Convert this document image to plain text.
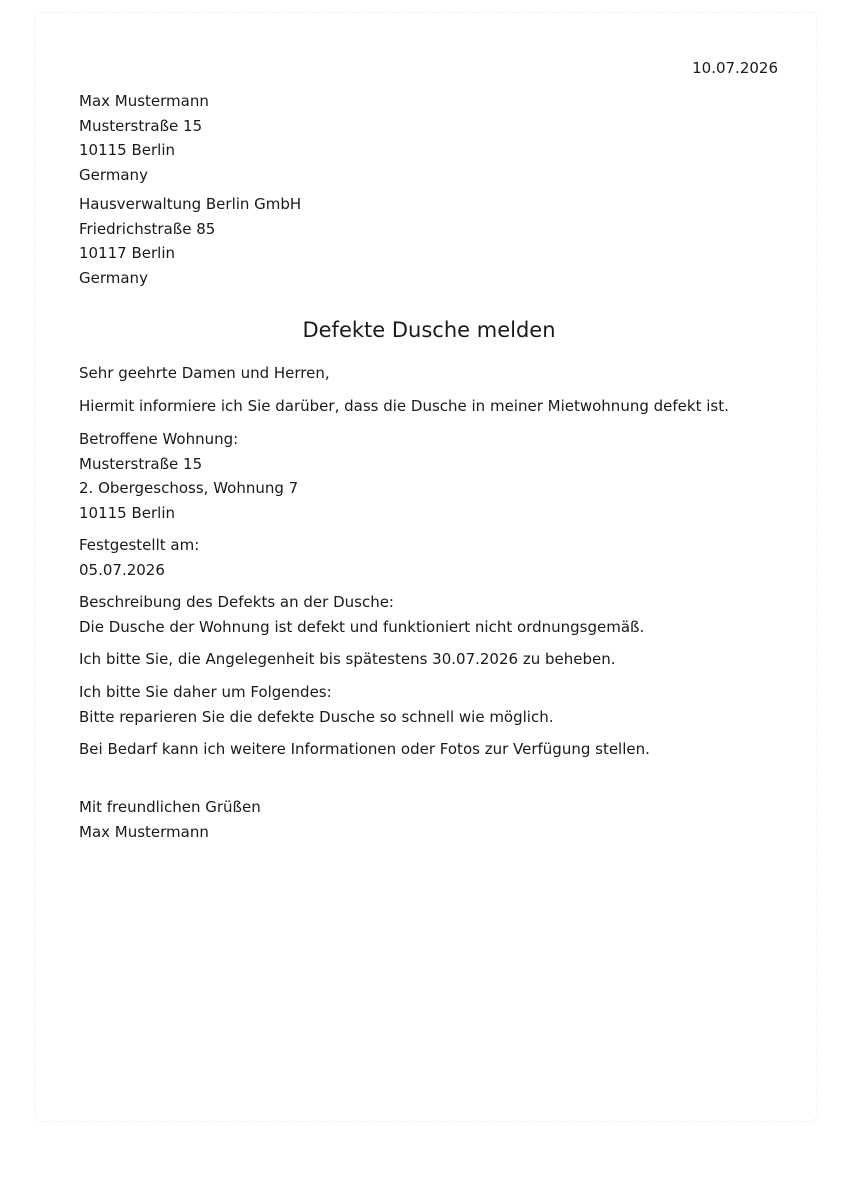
10.07.2026
Max Mustermann
Musterstraße 15
10115 Berlin
Germany
Hausverwaltung Berlin GmbH
Friedrichstraße 85
10117 Berlin
Germany
Defekte Dusche melden
Sehr geehrte Damen und Herren,
Hiermit informiere ich Sie darüber, dass die Dusche in meiner Mietwohnung defekt ist.
Betroffene Wohnung:
Musterstraße 15
2. Obergeschoss, Wohnung 7
10115 Berlin
Festgestellt am:
05.07.2026
Beschreibung des Defekts an der Dusche:
Die Dusche der Wohnung ist defekt und funktioniert nicht ordnungsgemäß.
Ich bitte Sie, die Angelegenheit bis spätestens 30.07.2026 zu beheben.
Ich bitte Sie daher um Folgendes:
Bitte reparieren Sie die defekte Dusche so schnell wie möglich.
Bei Bedarf kann ich weitere Informationen oder Fotos zur Verfügung stellen.
Mit freundlichen Grüßen
Max Mustermann
